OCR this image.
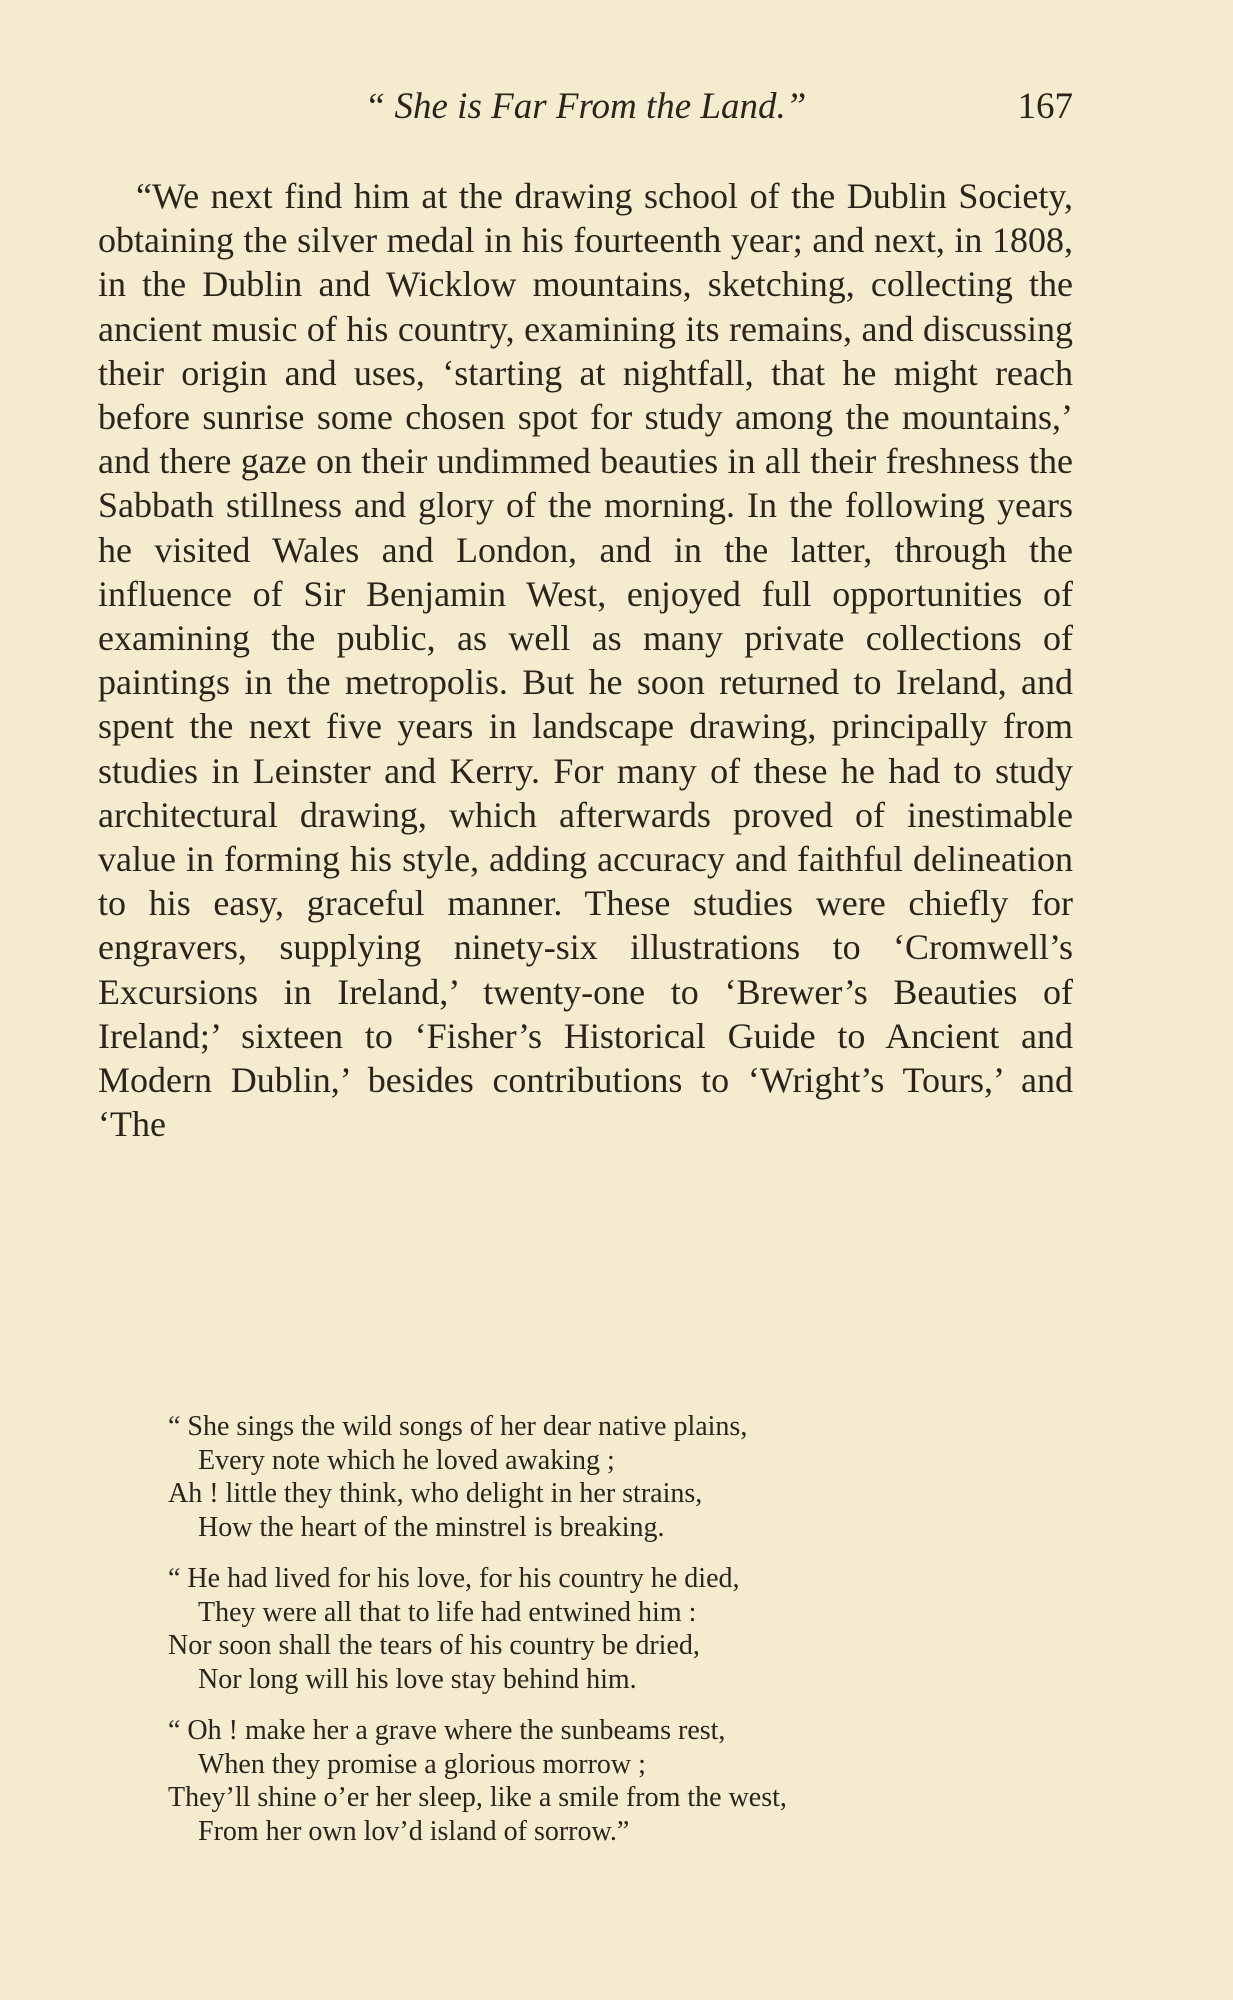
“ She is Far From the Land.”	167

“We next find him at the drawing school of the Dublin Society, obtaining the silver medal in his fourteenth year; and next, in 1808, in the Dublin and Wicklow mountains, sketching, collecting the ancient music of his country, examining its remains, and discussing their origin and uses, ‘starting at nightfall, that he might reach before sunrise some chosen spot for study among the mountains,’ and there gaze on their undimmed beauties in all their freshness the Sabbath stillness and glory of the morning. In the following years he visited Wales and London, and in the latter, through the influence of Sir Benjamin West, enjoyed full opportunities of examining the public, as well as many private collections of paintings in the metropolis. But he soon returned to Ireland, and spent the next five years in landscape drawing, principally from studies in Leinster and Kerry. For many of these he had to study architectural drawing, which afterwards proved of inestimable value in forming his style, adding accuracy and faithful delineation to his easy, graceful manner. These studies were chiefly for engravers, supplying ninety-six illustrations to ‘Cromwell’s Excursions in Ireland,’ twenty-one to ‘Brewer’s Beauties of Ireland;’ sixteen to ‘Fisher’s Historical Guide to Ancient and Modern Dublin,’ besides contributions to ‘Wright’s Tours,’ and ‘The

“ She sings the wild songs of her dear native plains,
Every note which he loved awaking ;
Ah ! little they think, who delight in her strains,
How the heart of the minstrel is breaking.
“ He had lived for his love, for his country he died,
They were all that to life had entwined him :
Nor soon shall the tears of his country be dried,
Nor long will his love stay behind him.
“ Oh ! make her a grave where the sunbeams rest,
When they promise a glorious morrow ;
They’ll shine o’er her sleep, like a smile from the west,
From her own lov’d island of sorrow.”
